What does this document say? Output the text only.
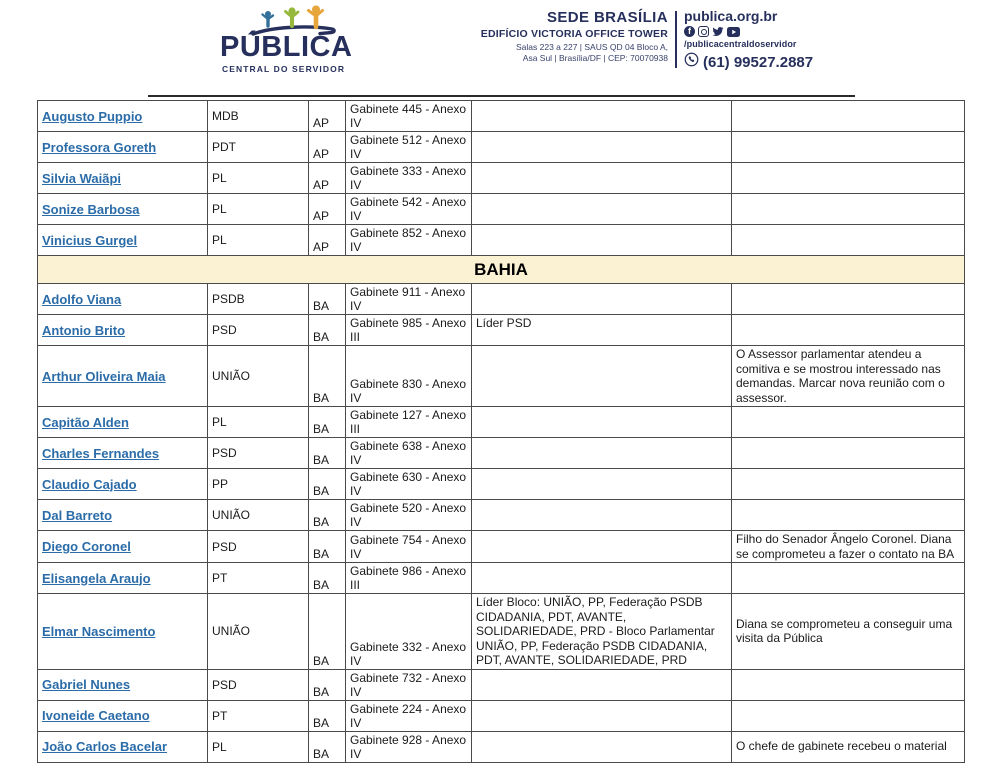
PÚBLICA
CENTRAL DO SERVIDOR
SEDE BRASÍLIA
EDIFÍCIO VICTORIA OFFICE TOWER
Salas 223 a 227 | SAUS QD 04 Bloco A,
Asa Sul | Brasília/DF | CEP: 70070938
publica.org.br
f
/publicacentraldoservidor
(61) 99527.2887
Augusto Puppio	MDB	AP	Gabinete 445 - Anexo IV		
Professora Goreth	PDT	AP	Gabinete 512 - Anexo IV		
Silvia Waiãpi	PL	AP	Gabinete 333 - Anexo IV		
Sonize Barbosa	PL	AP	Gabinete 542 - Anexo IV		
Vinicius Gurgel	PL	AP	Gabinete 852 - Anexo IV		
BAHIA					
Adolfo Viana	PSDB	BA	Gabinete 911 - Anexo IV		
Antonio Brito	PSD	BA	Gabinete 985 - Anexo III	Líder PSD	
Arthur Oliveira Maia	UNIÃO	BA	Gabinete 830 - Anexo IV		O Assessor parlamentar atendeu a comitiva e se mostrou interessado nas demandas. Marcar nova reunião com o assessor.
Capitão Alden	PL	BA	Gabinete 127 - Anexo III		
Charles Fernandes	PSD	BA	Gabinete 638 - Anexo IV		
Claudio Cajado	PP	BA	Gabinete 630 - Anexo IV		
Dal Barreto	UNIÃO	BA	Gabinete 520 - Anexo IV		
Diego Coronel	PSD	BA	Gabinete 754 - Anexo IV		Filho do Senador Ângelo Coronel. Diana se comprometeu a fazer o contato na BA
Elisangela Araujo	PT	BA	Gabinete 986 - Anexo III		
Elmar Nascimento	UNIÃO	BA	Gabinete 332 - Anexo IV	Líder Bloco: UNIÃO, PP, Federação PSDB CIDADANIA, PDT, AVANTE, SOLIDARIEDADE, PRD - Bloco Parlamentar UNIÃO, PP, Federação PSDB CIDADANIA, PDT, AVANTE, SOLIDARIEDADE, PRD	Diana se comprometeu a conseguir uma visita da Pública
Gabriel Nunes	PSD	BA	Gabinete 732 - Anexo IV		
Ivoneide Caetano	PT	BA	Gabinete 224 - Anexo IV		
João Carlos Bacelar	PL	BA	Gabinete 928 - Anexo IV		O chefe de gabinete recebeu o material
